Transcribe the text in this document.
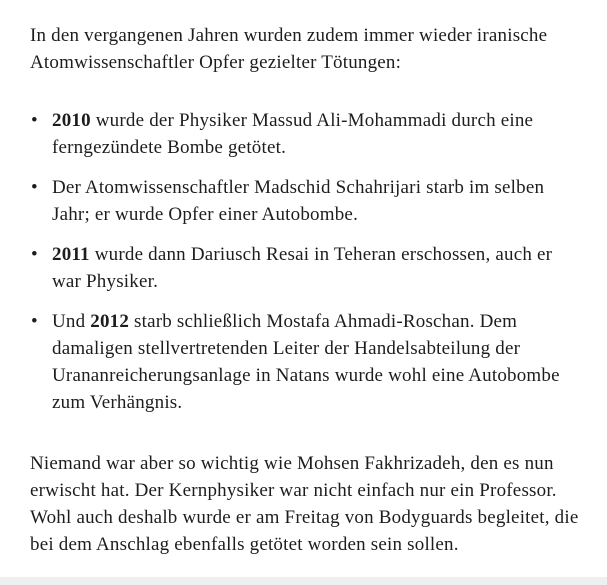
In den vergangenen Jahren wurden zudem immer wieder iranische Atomwissenschaftler Opfer gezielter Tötungen:

• 2010 wurde der Physiker Massud Ali-Mohammadi durch eine ferngezündete Bombe getötet.
• Der Atomwissenschaftler Madschid Schahrijari starb im selben Jahr; er wurde Opfer einer Autobombe.
• 2011 wurde dann Dariusch Resai in Teheran erschossen, auch er war Physiker.
• Und 2012 starb schließlich Mostafa Ahmadi-Roschan. Dem damaligen stellvertretenden Leiter der Handelsabteilung der Urananreicherungsanlage in Natans wurde wohl eine Autobombe zum Verhängnis.

Niemand war aber so wichtig wie Mohsen Fakhrizadeh, den es nun erwischt hat. Der Kernphysiker war nicht einfach nur ein Professor. Wohl auch deshalb wurde er am Freitag von Bodyguards begleitet, die bei dem Anschlag ebenfalls getötet worden sein sollen.
